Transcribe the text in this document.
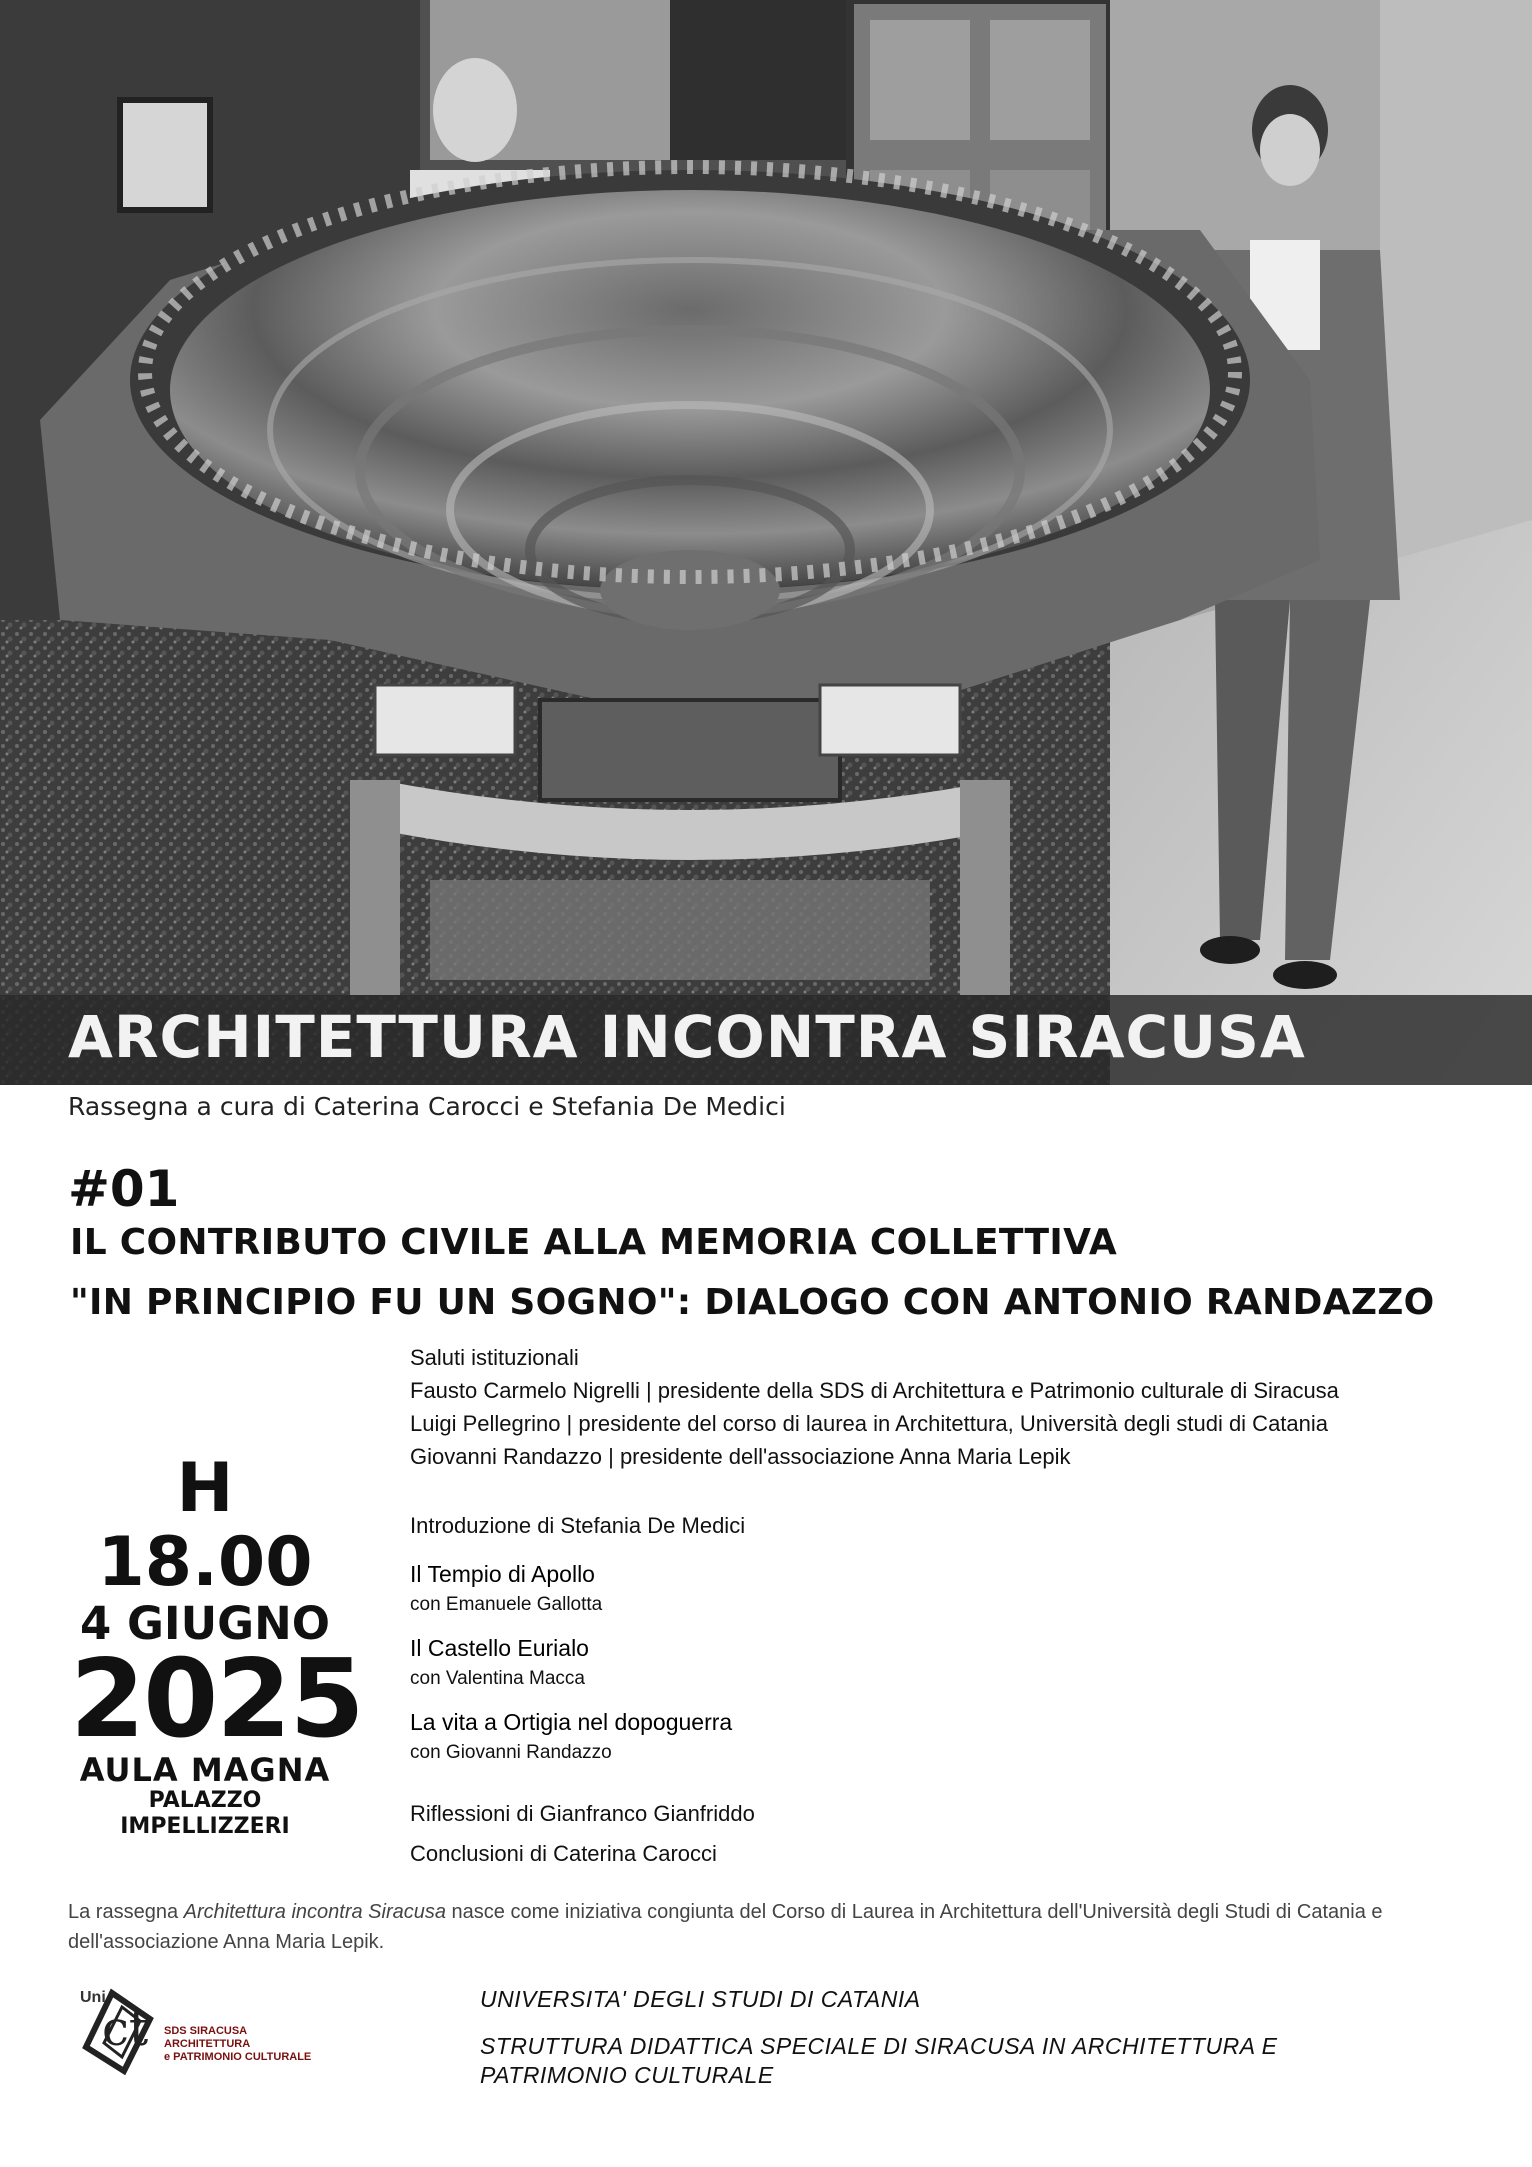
ARCHITETTURA INCONTRA SIRACUSA
Rassegna a cura di Caterina Carocci e Stefania De Medici
#01
IL CONTRIBUTO CIVILE ALLA MEMORIA COLLETTIVA
"IN PRINCIPIO FU UN SOGNO": DIALOGO CON ANTONIO RANDAZZO
H 18.00
4 GIUGNO
2025
AULA MAGNA
PALAZZO IMPELLIZZERI
Saluti istituzionali
Fausto Carmelo Nigrelli | presidente della SDS di Architettura e Patrimonio culturale di Siracusa
Luigi Pellegrino | presidente del corso di laurea in Architettura, Università degli studi di Catania
Giovanni Randazzo | presidente dell'associazione Anna Maria Lepik
Introduzione di Stefania De Medici
Il Tempio di Apollo
con Emanuele Gallotta
Il Castello Eurialo
con Valentina Macca
La vita a Ortigia nel dopoguerra
con Giovanni Randazzo
Riflessioni di Gianfranco Gianfriddo
Conclusioni di Caterina Carocci
La rassegna Architettura incontra Siracusa nasce come iniziativa congiunta del Corso di Laurea in Architettura dell'Università degli Studi di Catania e dell'associazione Anna Maria Lepik.
Uni
ct SDS SIRACUSA
ARCHITETTURA
e PATRIMONIO CULTURALE
UNIVERSITA' DEGLI STUDI DI CATANIA
STRUTTURA DIDATTICA SPECIALE DI SIRACUSA IN ARCHITETTURA E
PATRIMONIO CULTURALE
